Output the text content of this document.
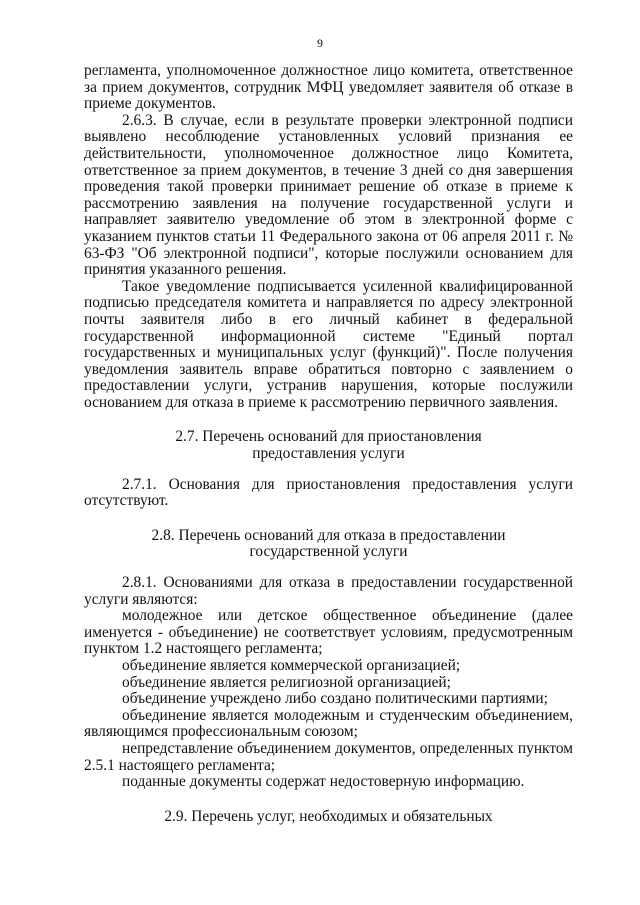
9

регламента, уполномоченное должностное лицо комитета, ответственное за прием документов, сотрудник МФЦ уведомляет заявителя об отказе в приеме документов.

2.6.3. В случае, если в результате проверки электронной подписи выявлено несоблюдение установленных условий признания ее действительности, уполномоченное должностное лицо Комитета, ответственное за прием документов, в течение 3 дней со дня завершения проведения такой проверки принимает решение об отказе в приеме к рассмотрению заявления на получение государственной услуги и направляет заявителю уведомление об этом в электронной форме с указанием пунктов статьи 11 Федерального закона от 06 апреля 2011 г. № 63-ФЗ "Об электронной подписи", которые послужили основанием для принятия указанного решения.

Такое уведомление подписывается усиленной квалифицированной подписью председателя комитета и направляется по адресу электронной почты заявителя либо в его личный кабинет в федеральной государственной информационной системе "Единый портал государственных и муниципальных услуг (функций)". После получения уведомления заявитель вправе обратиться повторно с заявлением о предоставлении услуги, устранив нарушения, которые послужили основанием для отказа в приеме к рассмотрению первичного заявления.

2.7. Перечень оснований для приостановления

предоставления услуги

2.7.1. Основания для приостановления предоставления услуги отсутствуют.

2.8. Перечень оснований для отказа в предоставлении

государственной услуги

2.8.1. Основаниями для отказа в предоставлении государственной услуги являются:

молодежное или детское общественное объединение (далее именуется - объединение) не соответствует условиям, предусмотренным пунктом 1.2 настоящего регламента;

объединение является коммерческой организацией;

объединение является религиозной организацией;

объединение учреждено либо создано политическими партиями;

объединение является молодежным и студенческим объединением, являющимся профессиональным союзом;

непредставление объединением документов, определенных пунктом 2.5.1 настоящего регламента;

поданные документы содержат недостоверную информацию.

2.9. Перечень услуг, необходимых и обязательных
